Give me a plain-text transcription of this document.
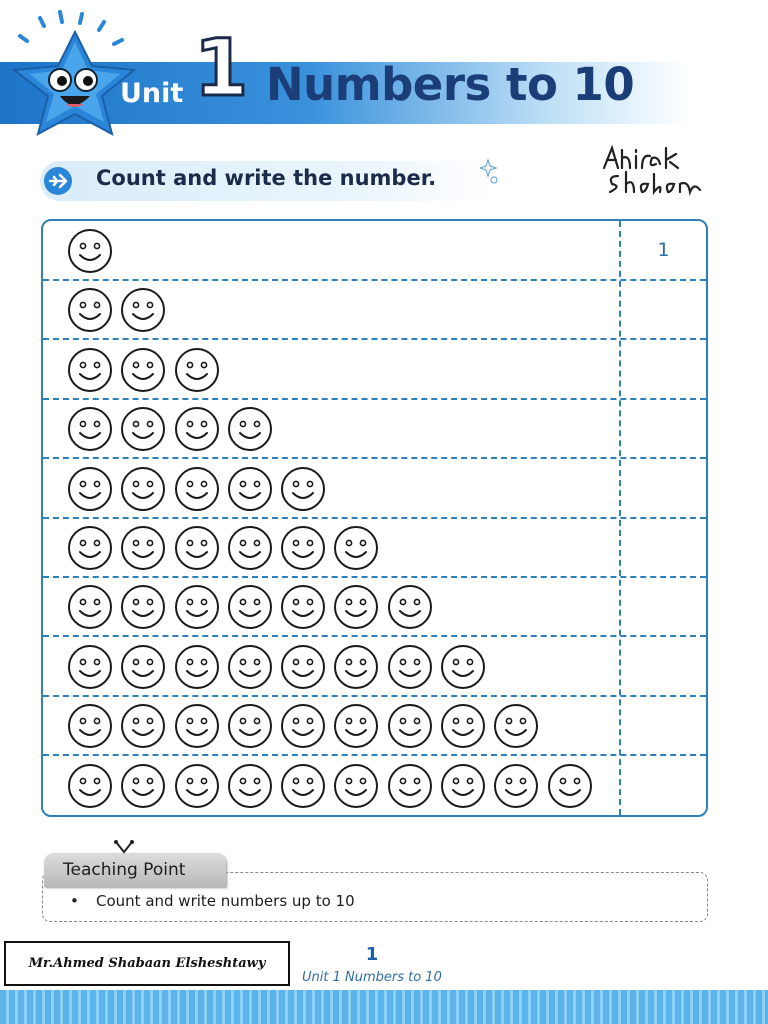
Unit 1 Numbers to 10
Count and write the number.
1
Teaching Point
• Count and write numbers up to 10
Mr.Ahmed Shabaan Elsheshtawy	1
Unit 1 Numbers to 10
